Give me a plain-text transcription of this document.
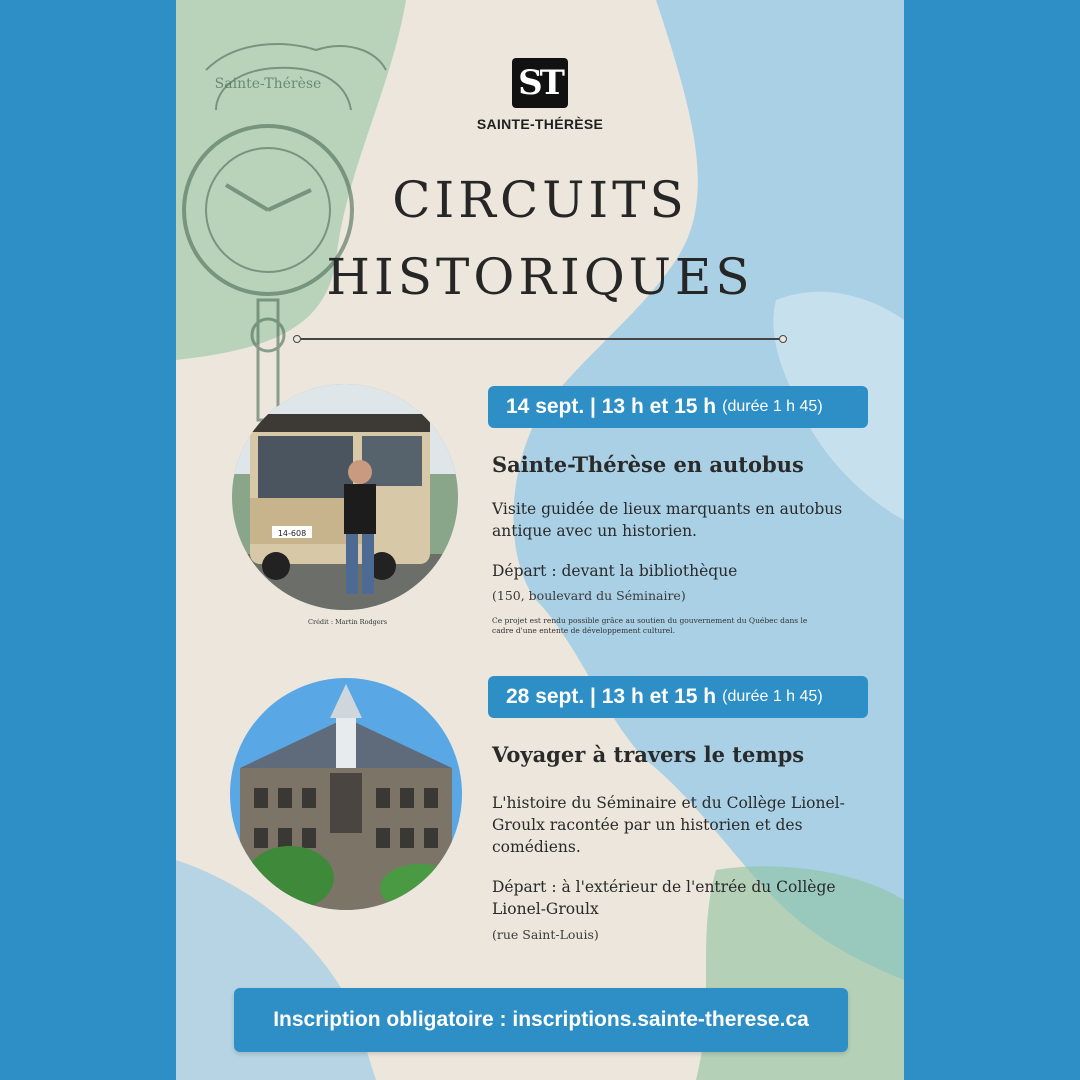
Sainte-Thérèse	ST
SAINTE-THÉRÈSE
CIRCUITS
HISTORIQUES
14-608
Crédit : Martin Rodgers
14 sept. | 13 h et 15 h (durée 1 h 45)
Sainte-Thérèse en autobus

Visite guidée de lieux marquants en autobus antique avec un historien.

Départ : devant la bibliothèque
(150, boulevard du Séminaire)
Ce projet est rendu possible grâce au soutien du gouvernement du Québec dans le cadre d'une entente de développement culturel.
28 sept. | 13 h et 15 h (durée 1 h 45)
Voyager à travers le temps

L'histoire du Séminaire et du Collège Lionel-Groulx racontée par un historien et des comédiens.

Départ : à l'extérieur de l'entrée du Collège Lionel-Groulx
(rue Saint-Louis)
Inscription obligatoire : inscriptions.sainte-therese.ca
